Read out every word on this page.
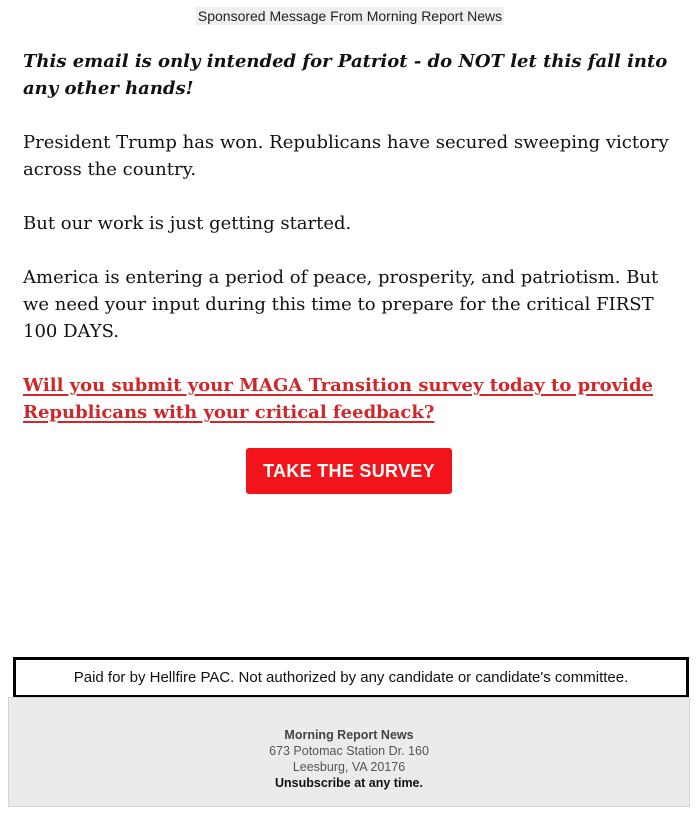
Sponsored Message From Morning Report News

This email is only intended for Patriot - do NOT let this fall into any other hands!

President Trump has won. Republicans have secured sweeping victory across the country.

But our work is just getting started.

America is entering a period of peace, prosperity, and patriotism. But we need your input during this time to prepare for the critical FIRST 100 DAYS.

Will you submit your MAGA Transition survey today to provide Republicans with your critical feedback?

TAKE THE SURVEY
Paid for by Hellfire PAC. Not authorized by any candidate or candidate's committee.
Morning Report News
673 Potomac Station Dr. 160
Leesburg, VA 20176
Unsubscribe at any time.
